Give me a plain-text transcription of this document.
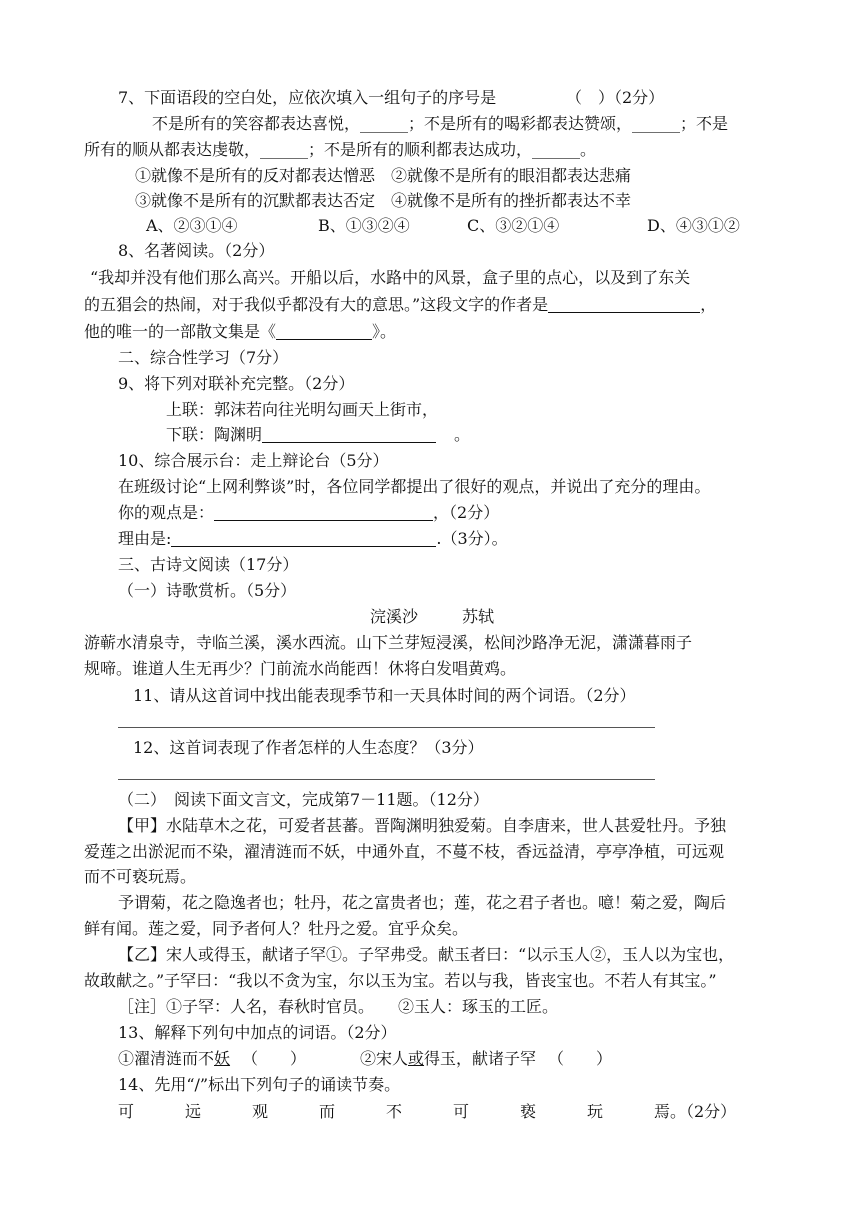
7、下面语段的空白处，应依次填入一组句子的序号是	（　）（2分）
不是所有的笑容都表达喜悦，______；不是所有的喝彩都表达赞颂，______；不是
所有的顺从都表达虔敬，______；不是所有的顺利都表达成功，______。
①就像不是所有的反对都表达憎恶　②就像不是所有的眼泪都表达悲痛
③就像不是所有的沉默都表达否定　④就像不是所有的挫折都表达不幸
A、②③①④	B、①③②④	C、③②①④	D、④③①②
8、名著阅读。（2分）
“我却并没有他们那么高兴。开船以后，水路中的风景，盒子里的点心，以及到了东关
的五猖会的热闹，对于我似乎都没有大的意思。”这段文字的作者是	，
他的唯一的一部散文集是《	》。
二、综合性学习（7分）
9、将下列对联补充完整。（2分）
上联：郭沫若向往光明勾画天上街市，
下联：陶渊明	。
10、综合展示台：走上辩论台（5分）
在班级讨论“上网利弊谈”时，各位同学都提出了很好的观点，并说出了充分的理由。
你的观点是：	，（2分）
理由是:	.（3分）。
三、古诗文阅读（17分）
（一）诗歌赏析。（5分）
浣溪沙	苏轼
游蕲水清泉寺，寺临兰溪，溪水西流。山下兰芽短浸溪，松间沙路净无泥，潇潇暮雨子
规啼。谁道人生无再少？门前流水尚能西！休将白发唱黄鸡。
11、请从这首词中找出能表现季节和一天具体时间的两个词语。（2分）
12、这首词表现了作者怎样的人生态度？（3分）
（二）　阅读下面文言文，完成第7－11题。（12分）
【甲】水陆草木之花，可爱者甚蕃。晋陶渊明独爱菊。自李唐来，世人甚爱牡丹。予独
爱莲之出淤泥而不染，濯清涟而不妖，中通外直，不蔓不枝，香远益清，亭亭净植，可远观
而不可亵玩焉。
予谓菊，花之隐逸者也；牡丹，花之富贵者也；莲，花之君子者也。噫！菊之爱，陶后
鲜有闻。莲之爱，同予者何人？牡丹之爱。宜乎众矣。
【乙】宋人或得玉，献诸子罕①。子罕弗受。献玉者曰：“以示玉人②，玉人以为宝也，
故敢献之。”子罕曰：“我以不贪为宝，尔以玉为宝。若以与我，皆丧宝也。不若人有其宝。”
［注］①子罕：人名，春秋时官员。　　②玉人：琢玉的工匠。
13、解释下列句中加点的词语。（2分）
①濯清涟而不妖 （　　）	②宋人或得玉，献诸子罕 （　　）
14、先用“/”标出下列句子的诵读节奏。
可	远	观	而	不	可	亵	玩	焉。（2分）
